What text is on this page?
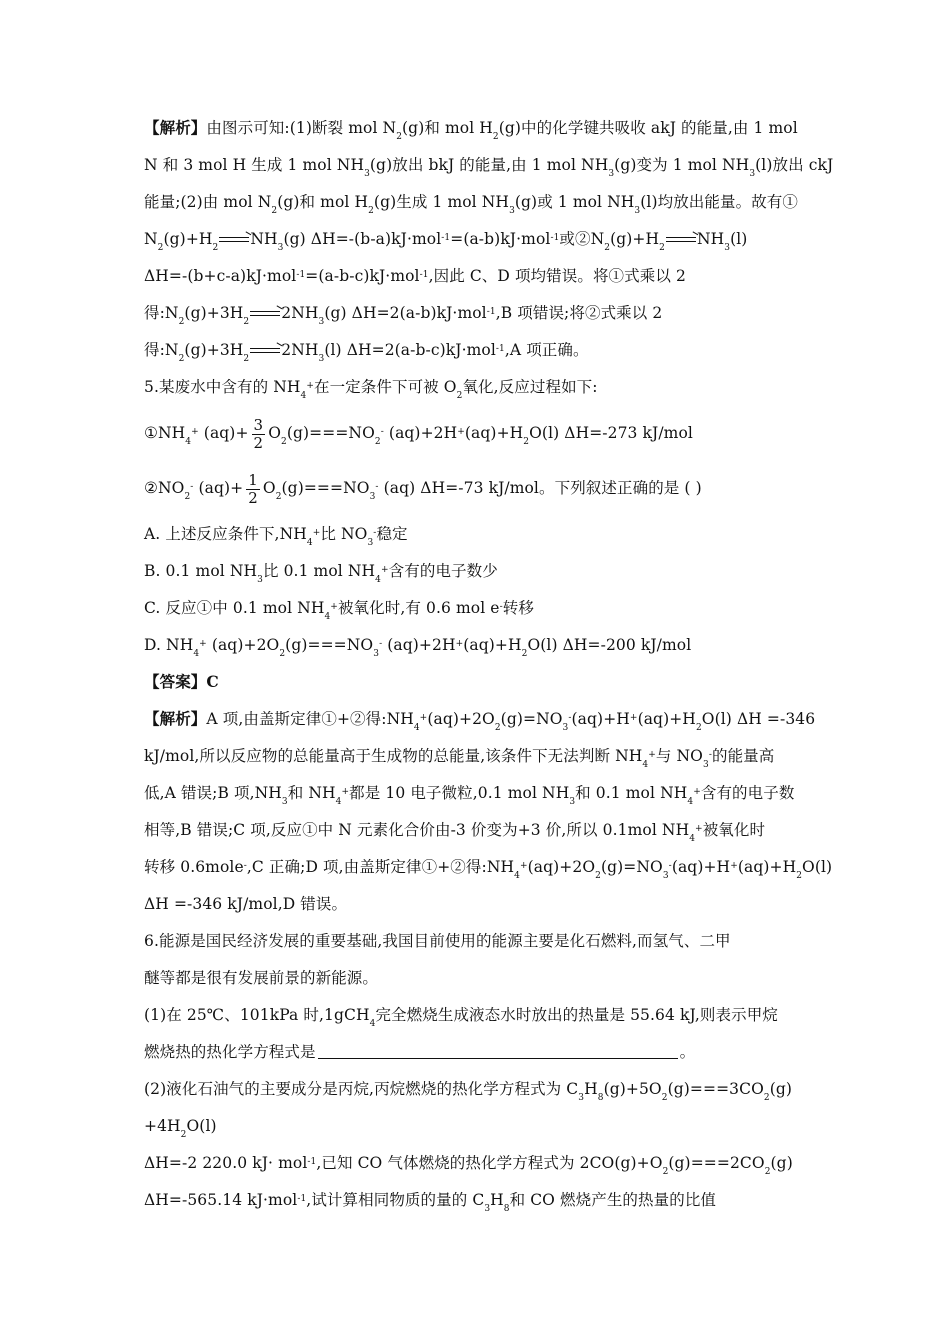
【解析】由图示可知:(1)断裂 mol $N_2(g)$和 mol $H_2(g)$中的化学键共吸收 akJ 的能量,由 1 mol
N 和 3 mol H 生成 1 mol $NH_3(g)$放出 bkJ 的能量,由 1 mol $NH_3(g)$变为 1 mol $NH_3(l)$放出 ckJ
能量;(2)由 mol $N_2(g)$和 mol $H_2(g)$生成 1 mol $NH_3(g)$或 1 mol $NH_3(l)$均放出能量。故有①
$N_2(g)+H_2 \to NH_3(g)$ ΔH=-(b-a)kJ·mol$^{-1}$=(a-b)kJ·mol$^{-1}$或$②N_2(g)+H_2 \to NH_3(l)$
ΔH=-(b+c-a)kJ·mol$^{-1}$=(a-b-c)kJ·mol$^{-1}$,因此 C、D 项均错误。将①式乘以 2
得$:N_2(g)+3H_2 \to 2NH_3(g)$ ΔH=2(a-b)kJ·mol$^{-1}$,B 项错误;将②式乘以 2
得$:N_2(g)+3H_2 \to 2NH_3(l)$ ΔH=2(a-b-c)kJ·mol$^{-1}$,A 项正确。
5.某废水中含有的 $NH_4^+$在一定条件下可被 $O_2$氧化,反应过程如下:
$①NH_4^+$ $(aq)+ \frac{3}{2} O_2(g)===NO_2^-$ $(aq)+2H^+(aq)+H_2O(l)$ ΔH=-273 kJ/mol
$②NO_2^-$ $(aq)+ \frac{1}{2} O_2(g)===NO_3^-$ (aq) ΔH=-73 kJ/mol。下列叙述正确的是 ( )
A. 上述反应条件下$,NH_4^+$比 $NO_3^-$稳定
B. 0.1 mol $NH_3$比 0.1 mol $NH_4^+$含有的电子数少
C. 反应①中 0.1 mol $NH_4^+$被氧化时,有 0.6 mol e-转移
D. $NH_4^+$ $(aq)+2O_2(g)===NO_3^-$ $(aq)+2H^+(aq)+H_2O(l)$ ΔH=-200 kJ/mol
【答案】C
【解析】A 项,由盖斯定律①+②得$:NH_4^+(aq)+2O_2(g)=NO_3^-(aq)+H^+(aq)+H_2O(l)$ ΔH =-346
kJ/mol,所以反应物的总能量高于生成物的总能量,该条件下无法判断 $NH_4^+$与 $NO_3^-$的能量高
低,A 错误;B 项$,NH_3$和 $NH_4^+$都是 10 电子微粒,0.1 mol $NH_3$和 0.1 mol $NH_4^+$含有的电子数
相等,B 错误;C 项,反应①中 N 元素化合价由-3 价变为+3 价,所以 0.1mol $NH_4^+$被氧化时
转移 0.6mole-,C 正确;D 项,由盖斯定律①+②得$:NH_4^+(aq)+2O_2(g)=NO_3^-(aq)+H^+(aq)+H_2O(l)$
ΔH =-346 kJ/mol,D 错误。
6.能源是国民经济发展的重要基础,我国目前使用的能源主要是化石燃料,而氢气、二甲
醚等都是很有发展前景的新能源。
(1)在 25℃、101kPa 时,1gCH$_4$完全燃烧生成液态水时放出的热量是 55.64 kJ,则表示甲烷
燃烧热的热化学方程式是	。
(2)液化石油气的主要成分是丙烷,丙烷燃烧的热化学方程式为 $C_3H_8(g)+5O_2(g)===3CO_2(g)$
$+4H_2O(l)$
ΔH=-2 220.0 kJ· mol$^{-1}$,已知 CO 气体燃烧的热化学方程式为 $2CO(g)+O_2(g)===2CO_2(g)$
ΔH=-565.14 kJ·mol$^{-1}$,试计算相同物质的量的 $C_3H_8$和 CO 燃烧产生的热量的比值
